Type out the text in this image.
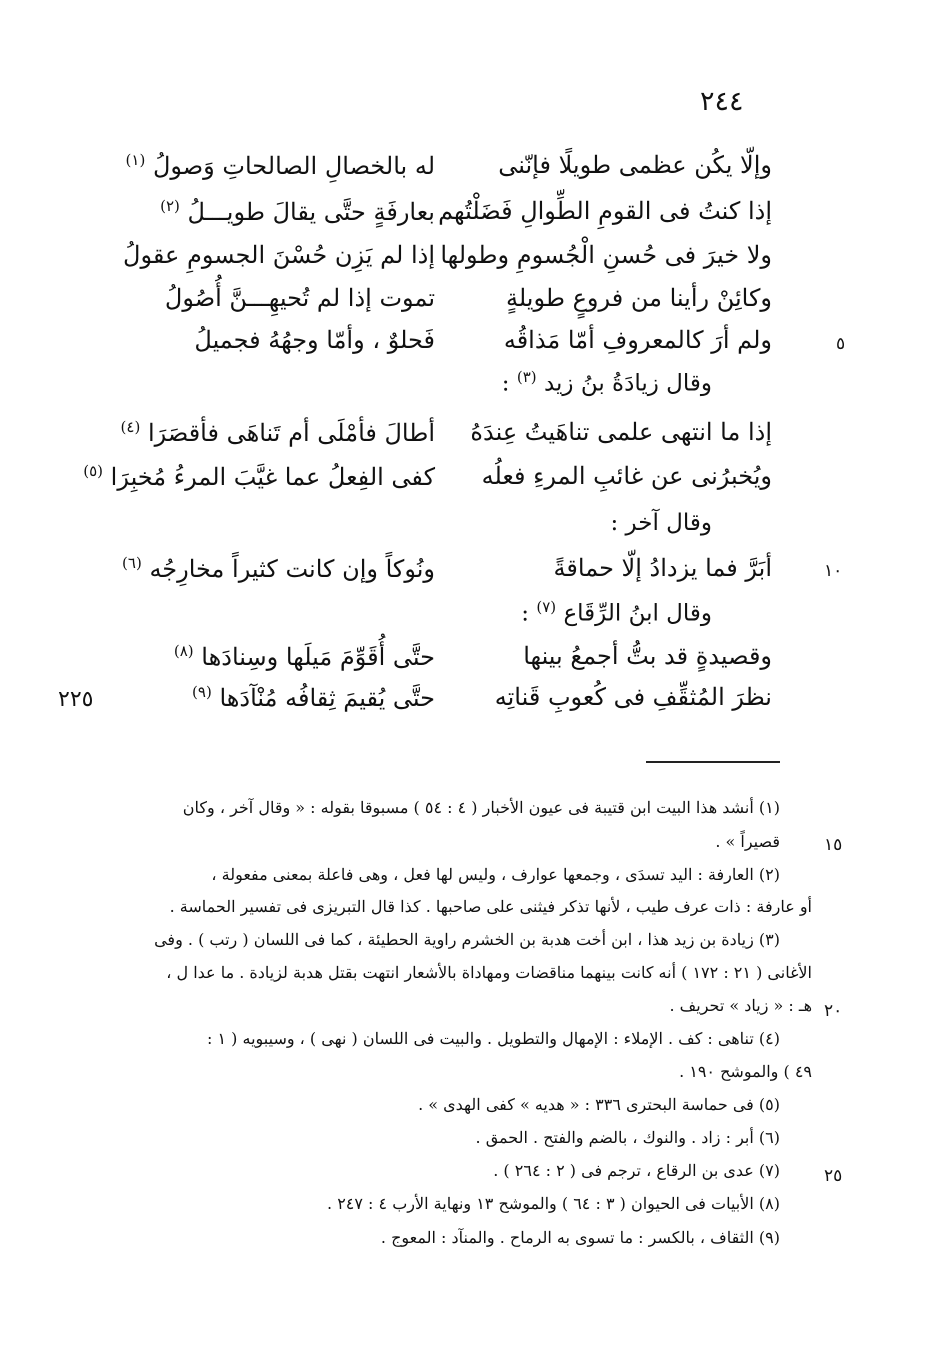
٢٤٤
وإلّا يكُن عظمى طويلًا فإنّنى
له بالخصالِ الصالحاتِ وَصولُ $^{(١)}$
إذا كنتُ فى القومِ الطِّوالِ فَضَلْتُهم
بعارفَةٍ حتَّى يقالَ طويـــلُ $^{(٢)}$
ولا خيرَ فى حُسنِ الْجُسومِ وطولها
إذا لم يَزِن حُسْنَ الجسومِ عقولُ
وكائِنْ رأينا من فروعٍ طويلةٍ
تموت إذا لم تُحيهِـــنَّ أُصُولُ
ولم أرَ كالمعروفِ أمّا مَذاقُه
فَحلوٌ ، وأمّا وجهُهُ فجميلُ
وقال زيادَةُ بنُ زيد $^{(٣)}$ :
إذا ما انتهى علمى تناهَيتُ عِندَهُ
أطالَ فأمْلَى أم تَناهَى فأقصَرَا $^{(٤)}$
ويُخبرُنى عن غائبِ المرءِ فعلُه
كفى الفِعلُ عما غيَّبَ المرءُ مُخبِرَا $^{(٥)}$
وقال آخر :
أبَرَّ فما يزدادُ إلّا حماقةً
ونُوكاً وإن كانت كثيراً مخارِجُه $^{(٦)}$
وقال ابنُ الرِّقَاع $^{(٧)}$ :
وقصيدةٍ قد بتُّ أجمعُ بينها
حتَّى أُقَوِّمَ مَيلَها وسِنادَها $^{(٨)}$
نظرَ المُثقِّفِ فى كُعوبِ قَناتِه
حتَّى يُقيمَ ثِقافُه مُنْآدَها $^{(٩)}$
٥
١٠
٢٢٥
١٥
٢٠
٢٥
(١) أنشد هذا البيت ابن قتيبة فى عيون الأخبار ( ٤ : ٥٤ ) مسبوقا بقوله : « وقال آخر ، وكان
قصيراً » .
(٢) العارفة : اليد تسدَى ، وجمعها عوارف ، وليس لها فعل ، وهى فاعلة بمعنى مفعولة ،
أو عارفة : ذات عرف طيب ، لأنها تذكر فيثنى على صاحبها . كذا قال التبريزى فى تفسير الحماسة .
(٣) زيادة بن زيد هذا ، ابن أخت هدبة بن الخشرم راوية الحطيئة ، كما فى اللسان ( رتب ) . وفى
الأغانى ( ٢١ : ١٧٢ ) أنه كانت بينهما مناقضات ومهاداة بالأشعار انتهت بقتل هدبة لزيادة . ما عدا ل ،
هـ : « زياد » تحريف .
(٤) تناهى : كف . الإملاء : الإمهال والتطويل . والبيت فى اللسان ( نهى ) ، وسيبويه ( ١ :
٤٩ ) والموشح ١٩٠ .
(٥) فى حماسة البحترى ٣٣٦ : « هديه » كفى الهدى » .
(٦) أبر : زاد . والنوك ، بالضم والفتح . الحمق .
(٧) عدى بن الرقاع ، ترجم فى ( ٢ : ٢٦٤ ) .
(٨) الأبيات فى الحيوان ( ٣ : ٦٤ ) والموشح ١٣ ونهاية الأرب ٤ : ٢٤٧ .
(٩) الثقاف ، بالكسر : ما تسوى به الرماح . والمنآد : المعوج .
